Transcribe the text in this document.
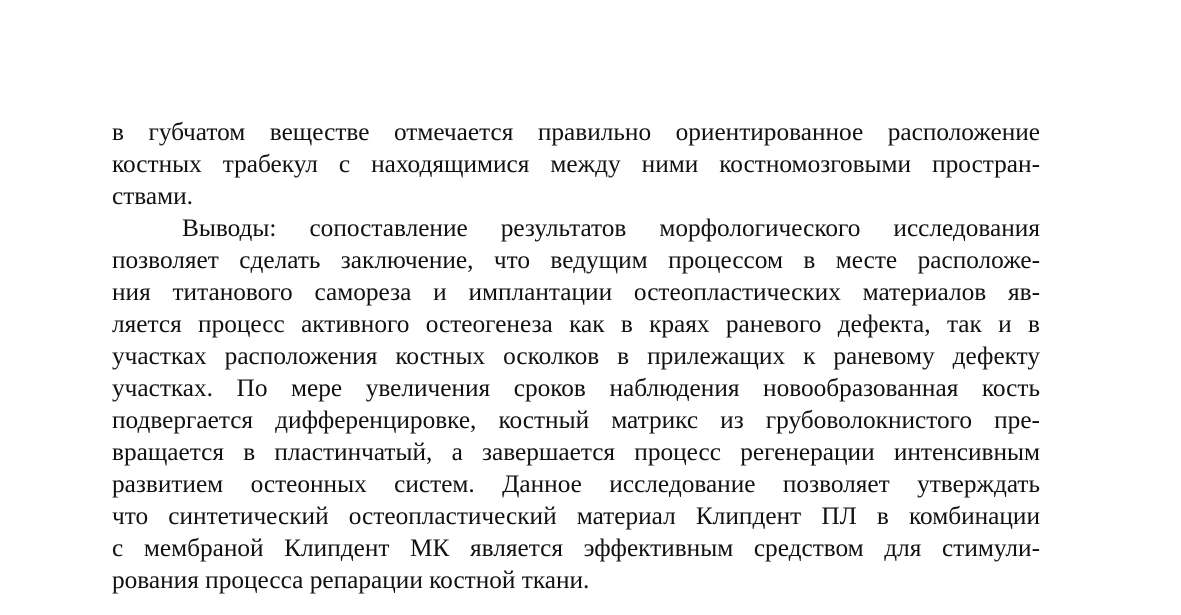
в губчатом веществе отмечается правильно ориентированное расположение
костных трабекул с находящимися между ними костномозговыми простран-
ствами.
Выводы: сопоставление результатов морфологического исследования
позволяет сделать заключение, что ведущим процессом в месте расположе-
ния титанового самореза и имплантации остеопластических материалов яв-
ляется процесс активного остеогенеза как в краях раневого дефекта, так и в
участках расположения костных осколков в прилежащих к раневому дефекту
участках. По мере увеличения сроков наблюдения новообразованная кость
подвергается дифференцировке, костный матрикс из грубоволокнистого пре-
вращается в пластинчатый, а завершается процесс регенерации интенсивным
развитием остеонных систем. Данное исследование позволяет утверждать
что синтетический остеопластический материал Клипдент ПЛ в комбинации
с мембраной Клипдент МК является эффективным средством для стимули-
рования процесса репарации костной ткани.
